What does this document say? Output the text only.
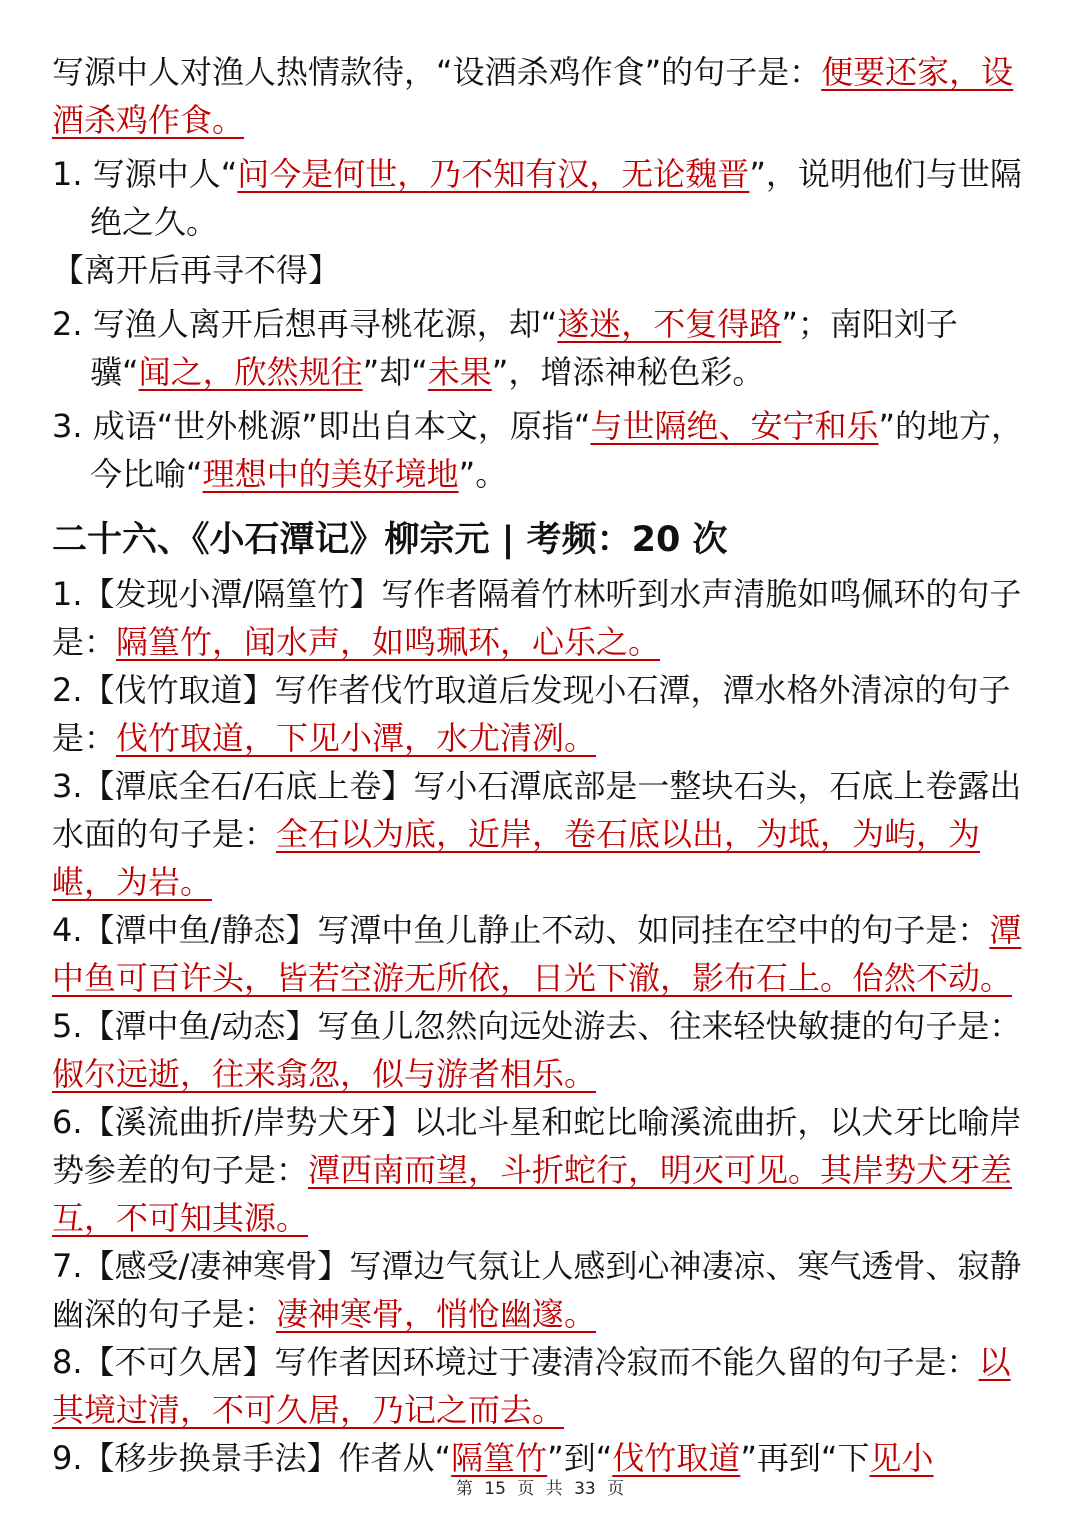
写源中人对渔人热情款待，“设酒杀鸡作食”的句子是：便要还家，设酒杀鸡作食。

1. 写源中人“问今是何世，乃不知有汉，无论魏晋”，说明他们与世隔绝之久。

【离开后再寻不得】

2. 写渔人离开后想再寻桃花源，却“遂迷，不复得路”；南阳刘子骥“闻之，欣然规往”却“未果”，增添神秘色彩。

3. 成语“世外桃源”即出自本文，原指“与世隔绝、安宁和乐”的地方，今比喻“理想中的美好境地”。

二十六、《小石潭记》柳宗元 | 考频：20 次

1.【发现小潭/隔篁竹】写作者隔着竹林听到水声清脆如鸣佩环的句子是：隔篁竹，闻水声，如鸣珮环，心乐之。

2.【伐竹取道】写作者伐竹取道后发现小石潭，潭水格外清凉的句子是：伐竹取道，下见小潭，水尤清冽。

3.【潭底全石/石底上卷】写小石潭底部是一整块石头，石底上卷露出水面的句子是：全石以为底，近岸，卷石底以出，为坻，为屿，为嵁，为岩。

4.【潭中鱼/静态】写潭中鱼儿静止不动、如同挂在空中的句子是：潭中鱼可百许头，皆若空游无所依，日光下澈，影布石上。佁然不动。

5.【潭中鱼/动态】写鱼儿忽然向远处游去、往来轻快敏捷的句子是：俶尔远逝，往来翕忽，似与游者相乐。

6.【溪流曲折/岸势犬牙】以北斗星和蛇比喻溪流曲折，以犬牙比喻岸势参差的句子是：潭西南而望，斗折蛇行，明灭可见。其岸势犬牙差互，不可知其源。

7.【感受/凄神寒骨】写潭边气氛让人感到心神凄凉、寒气透骨、寂静幽深的句子是：凄神寒骨，悄怆幽邃。

8.【不可久居】写作者因环境过于凄清冷寂而不能久留的句子是：以其境过清，不可久居，乃记之而去。

9.【移步换景手法】作者从“隔篁竹”到“伐竹取道”再到“下见小

第 15 页 共 33 页
